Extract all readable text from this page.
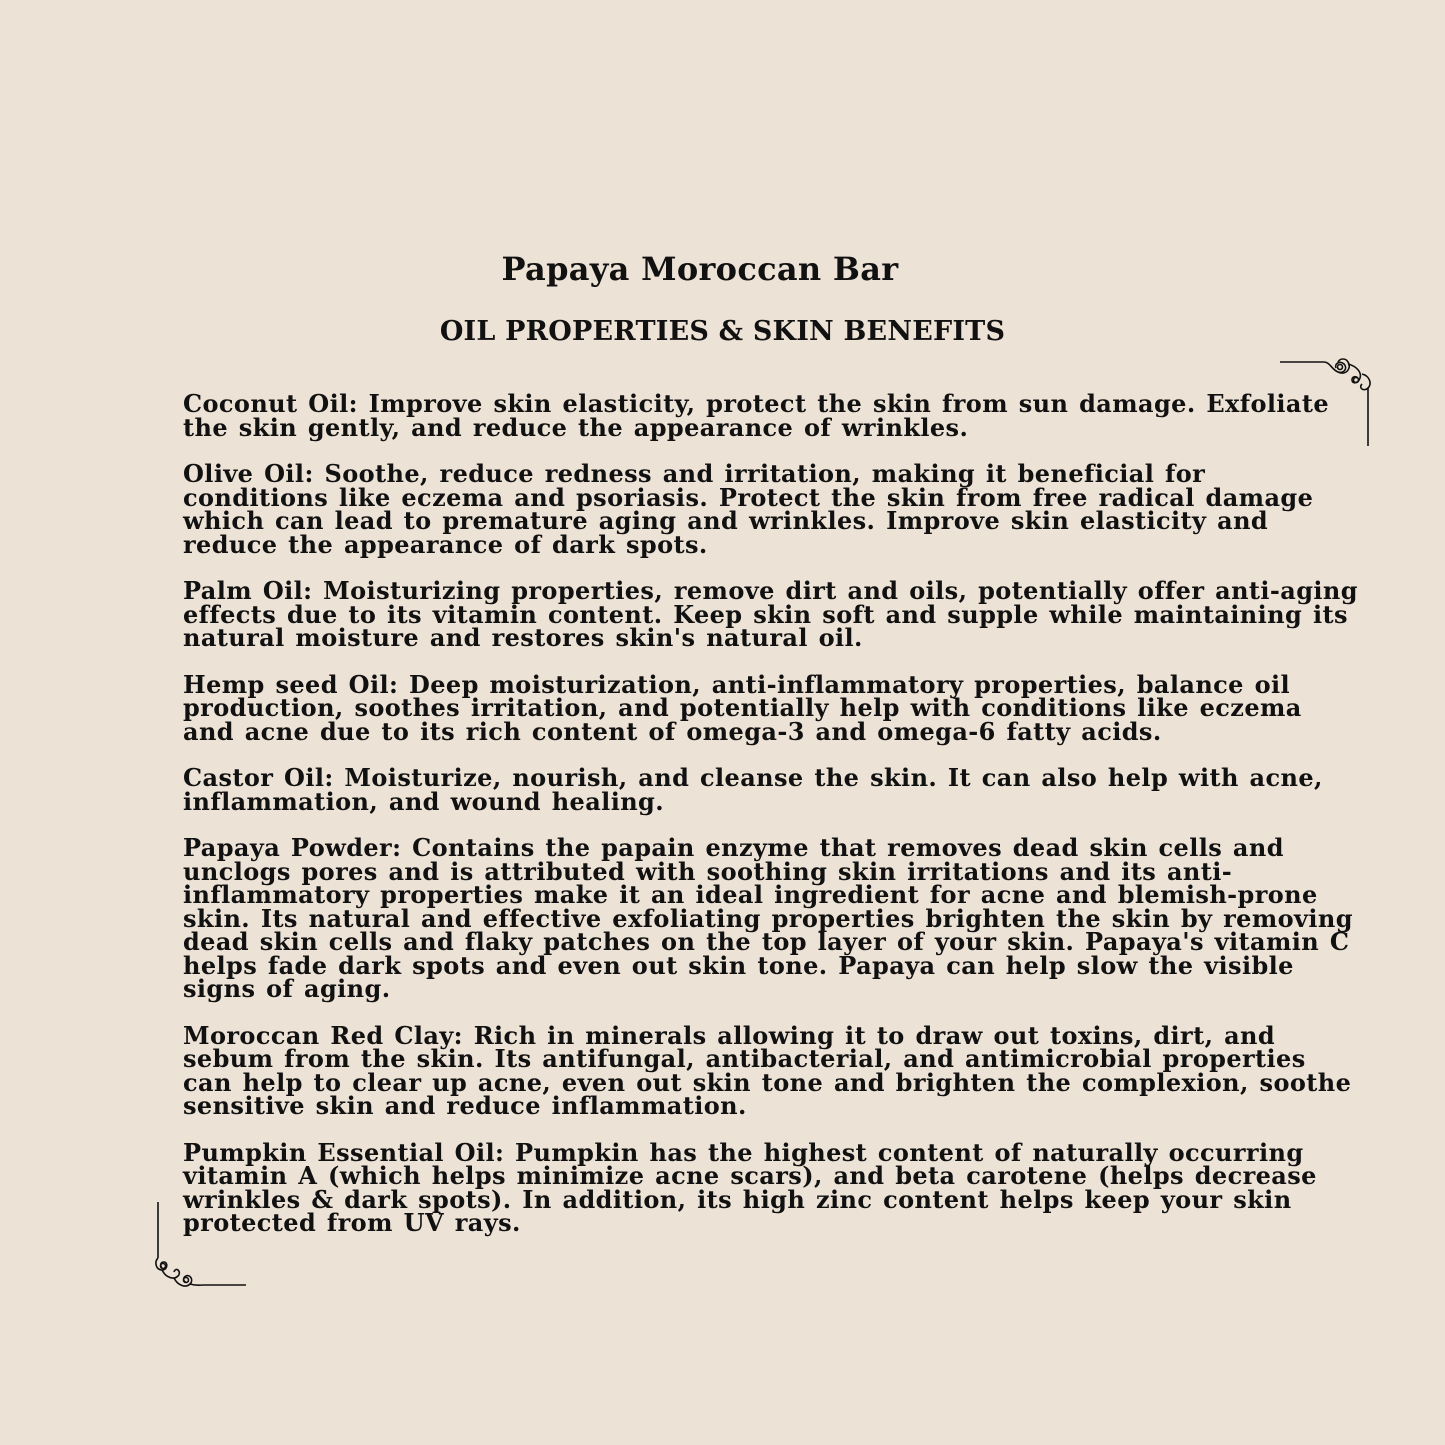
Papaya Moroccan Bar
OIL PROPERTIES & SKIN BENEFITS

Coconut Oil: Improve skin elasticity, protect the skin from sun damage. Exfoliate the skin gently, and reduce the appearance of wrinkles.

Olive Oil: Soothe, reduce redness and irritation, making it beneficial for conditions like eczema and psoriasis. Protect the skin from free radical damage which can lead to premature aging and wrinkles. Improve skin elasticity and reduce the appearance of dark spots.

Palm Oil: Moisturizing properties, remove dirt and oils, potentially offer anti-aging effects due to its vitamin content. Keep skin soft and supple while maintaining its natural moisture and restores skin's natural oil.

Hemp seed Oil: Deep moisturization, anti-inflammatory properties, balance oil production, soothes irritation, and potentially help with conditions like eczema and acne due to its rich content of omega-3 and omega-6 fatty acids.

Castor Oil: Moisturize, nourish, and cleanse the skin. It can also help with acne, inflammation, and wound healing.

Papaya Powder: Contains the papain enzyme that removes dead skin cells and unclogs pores and is attributed with soothing skin irritations and its anti-inflammatory properties make it an ideal ingredient for acne and blemish-prone skin. Its natural and effective exfoliating properties brighten the skin by removing dead skin cells and flaky patches on the top layer of your skin. Papaya's vitamin C helps fade dark spots and even out skin tone. Papaya can help slow the visible signs of aging.

Moroccan Red Clay: Rich in minerals allowing it to draw out toxins, dirt, and sebum from the skin. Its antifungal, antibacterial, and antimicrobial properties can help to clear up acne, even out skin tone and brighten the complexion, soothe sensitive skin and reduce inflammation.

Pumpkin Essential Oil: Pumpkin has the highest content of naturally occurring vitamin A (which helps minimize acne scars), and beta carotene (helps decrease wrinkles & dark spots). In addition, its high zinc content helps keep your skin protected from UV rays.
